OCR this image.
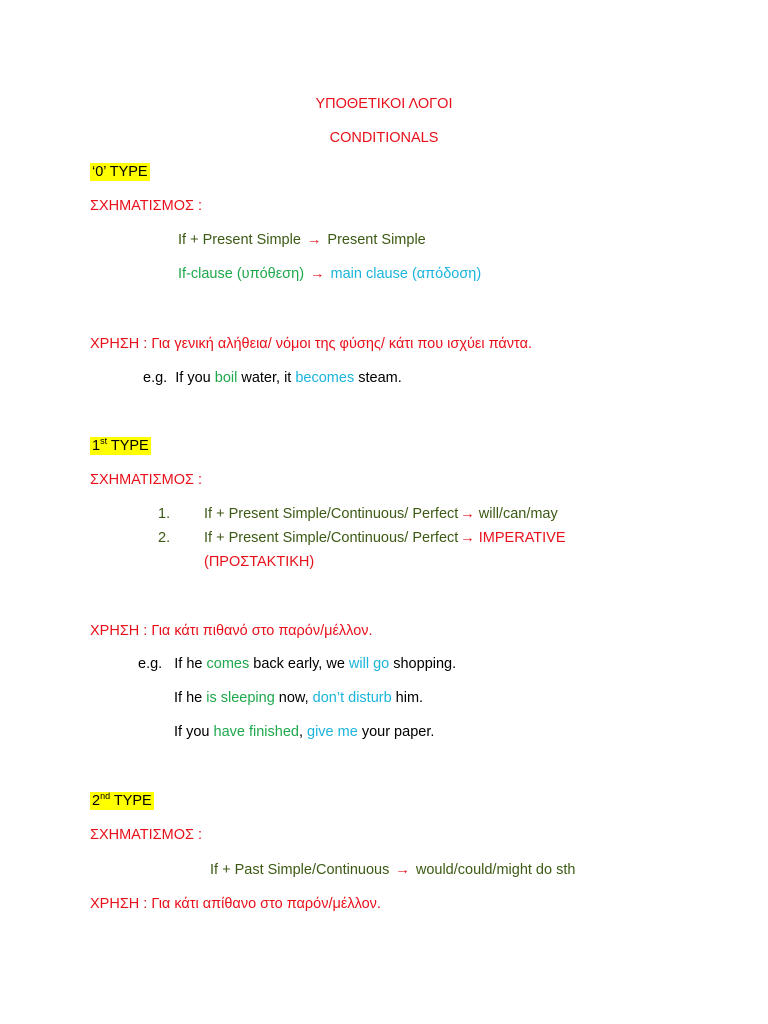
ΥΠΟΘΕΤΙΚΟΙ ΛΟΓΟΙ
CONDITIONALS
‘0’ TYPE
ΣΧΗΜΑΤΙΣΜΟΣ :
If + Present Simple → Present Simple
If-clause (υπόθεση) → main clause (απόδοση)
ΧΡΗΣΗ : Για γενική αλήθεια/ νόμοι της φύσης/ κάτι που ισχύει πάντα.
e.g. If you boil water, it becomes steam.
1st TYPE
ΣΧΗΜΑΤΙΣΜΟΣ :
1. If + Present Simple/Continuous/ Perfect → will/can/may
2. If + Present Simple/Continuous/ Perfect → IMPERATIVE
(ΠΡΟΣΤΑΚΤΙΚΗ)
ΧΡΗΣΗ : Για κάτι πιθανό στο παρόν/μέλλον.
e.g. If he comes back early, we will go shopping.
If he is sleeping now, don’t disturb him.
If you have finished, give me your paper.
2nd TYPE
ΣΧΗΜΑΤΙΣΜΟΣ :
If + Past Simple/Continuous → would/could/might do sth
ΧΡΗΣΗ : Για κάτι απίθανο στο παρόν/μέλλον.
